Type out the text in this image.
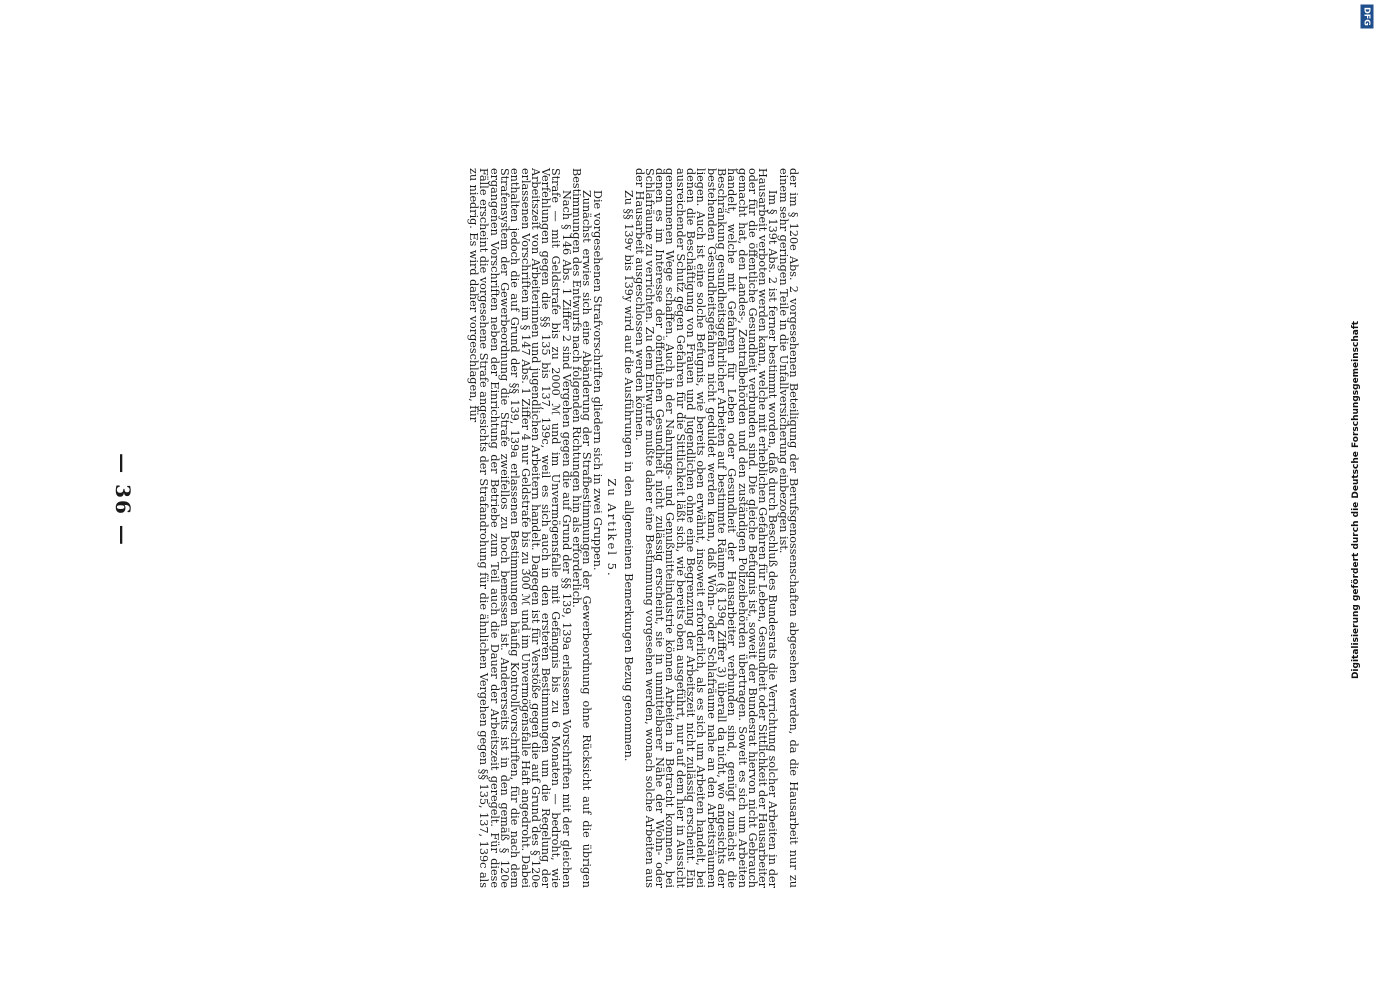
Digitalisierung gefördert durch die Deutsche Forschungsgemeinschaft
— 36 —	der im § 120e Abs. 2 vorgesehenen Beteiligung der Berufsgenossenschaften abgesehen werden, da die Hausarbeit nur zu einem sehr geringen Teile in die Unfallversicherung einbezogen ist.

Im § 139t Abs. 2 ist ferner bestimmt worden, daß durch Beschluß des Bundesrats die Verrichtung solcher Arbeiten in der Hausarbeit verboten werden kann, welche mit erheblichen Gefahren für Leben, Gesundheit oder Sittlichkeit der Hausarbeiter oder für die öffentliche Gesundheit verbunden sind. Die gleiche Befugnis ist, soweit der Bundesrat hiervon nicht Gebrauch gemacht hat, den Landes-, Zentralbehörden und den zuständigen Polizeibehörden übertragen. Soweit es sich um Arbeiten handelt, welche mit Gefahren für Leben oder Gesundheit der Hausarbeiter verbunden sind, genügt zunächst die Beschränkung gesundheitsgefährlicher Arbeiten auf bestimmte Räume (§ 139q Ziffer 3) überall da nicht, wo angesichts der bestehenden Gesundheitsgefahren nicht geduldet werden kann, daß Wohn- oder Schlafräume nahe an den Arbeitsräumen liegen. Auch ist eine solche Befugnis, wie bereits oben erwähnt, insoweit erforderlich, als es sich um Arbeiten handelt, bei denen die Beschäftigung von Frauen und Jugendlichen ohne eine Begrenzung der Arbeitszeit nicht zulässig erscheint. Ein ausreichender Schutz gegen Gefahren für die Sittlichkeit läßt sich, wie bereits oben ausgeführt, nur auf dem hier in Aussicht genommenen Wege schaffen. Auch in der Nahrungs- und Genußmittelindustrie können Arbeiten in Betracht kommen, bei denen es im Interesse der öffentlichen Gesundheit nicht zulässig erscheint, sie in unmittelbarer Nähe der Wohn- oder Schlafräume zu verrichten. Zu dem Entwurfe mußte daher eine Bestimmung vorgesehen werden, wonach solche Arbeiten aus der Hausarbeit ausgeschlossen werden können.

Zu §§ 139v bis 139y wird auf die Ausführungen in den allgemeinen Bemerkungen Bezug genommen.

Zu Artikel 5.

Die vorgesehenen Strafvorschriften gliedern sich in zwei Gruppen.

Zunächst erwies sich eine Abänderung der Strafbestimmungen der Gewerbeordnung ohne Rücksicht auf die übrigen Bestimmungen des Entwurfs nach folgenden Richtungen hin als erforderlich.

Nach § 146 Abs. 1 Ziffer 2 sind Vergehen gegen die auf Grund der §§ 139, 139a erlassenen Vorschriften mit der gleichen Strafe — mit Geldstrafe bis zu 2000 ℳ und im Unvermögensfalle mit Gefängnis bis zu 6 Monaten — bedroht, wie Verfehlungen gegen die §§ 135 bis 137, 139c, weil es sich auch in den ersteren Bestimmungen um die Regelung der Arbeitszeit von Arbeiterinnen und jugendlichen Arbeitern handelt. Dagegen ist für Verstöße gegen die auf Grund des § 120e erlassenen Vorschriften im § 147 Abs. 1 Ziffer 4 nur Geldstrafe bis zu 300 ℳ und im Unvermögensfalle Haft angedroht. Dabei enthalten jedoch die auf Grund der §§ 139, 139a erlassenen Bestimmungen häufig Kontrollvorschriften, für die nach dem Strafensystem der Gewerbeordnung die Strafe zweifellos zu hoch bemessen ist. Andererseits ist in den gemäß § 120e ergangenen Vorschriften neben der Einrichtung der Betriebe zum Teil auch die Dauer der Arbeitszeit geregelt. Für diese Fälle erscheint die vorgesehene Strafe angesichts der Strafandrohung für die ähnlichen Vergehen gegen §§ 135, 137, 139c als zu niedrig. Es wird daher vorgeschlagen, für

DFG
